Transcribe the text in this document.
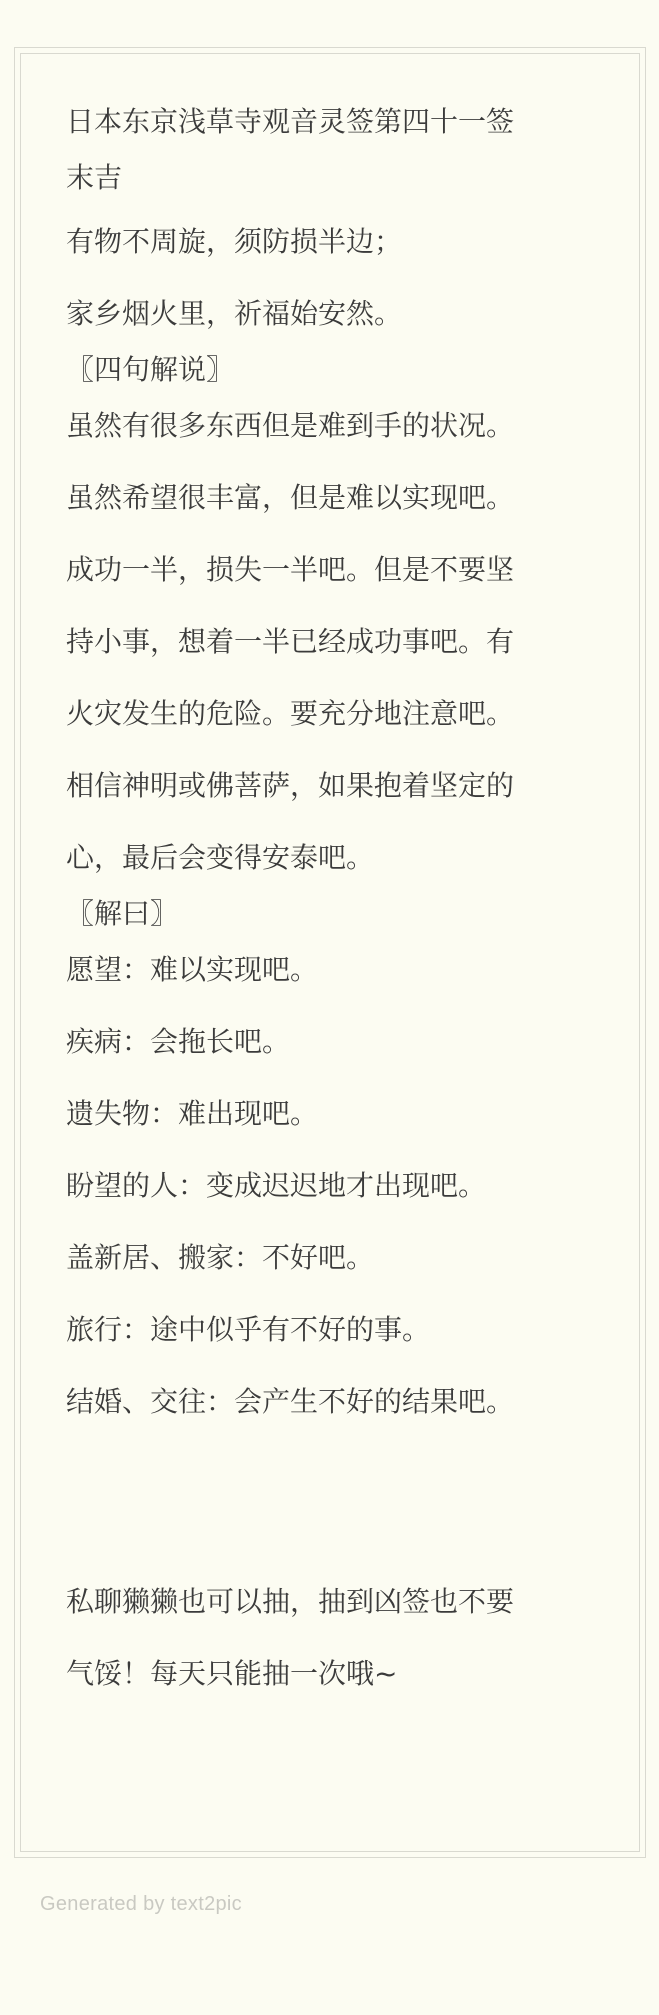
日本东京浅草寺观音灵签第四十一签
末吉
有物不周旋，须防损半边；
家乡烟火里，祈福始安然。
〖四句解说〗
虽然有很多东西但是难到手的状况。
虽然希望很丰富，但是难以实现吧。
成功一半，损失一半吧。但是不要坚
持小事，想着一半已经成功事吧。有
火灾发生的危险。要充分地注意吧。
相信神明或佛菩萨，如果抱着坚定的
心，最后会变得安泰吧。
〖解曰〗
愿望：难以实现吧。
疾病：会拖长吧。
遗失物：难出现吧。
盼望的人：变成迟迟地才出现吧。
盖新居、搬家：不好吧。
旅行：途中似乎有不好的事。
结婚、交往：会产生不好的结果吧。
私聊獭獭也可以抽，抽到凶签也不要
气馁！每天只能抽一次哦~
Generated by text2pic
